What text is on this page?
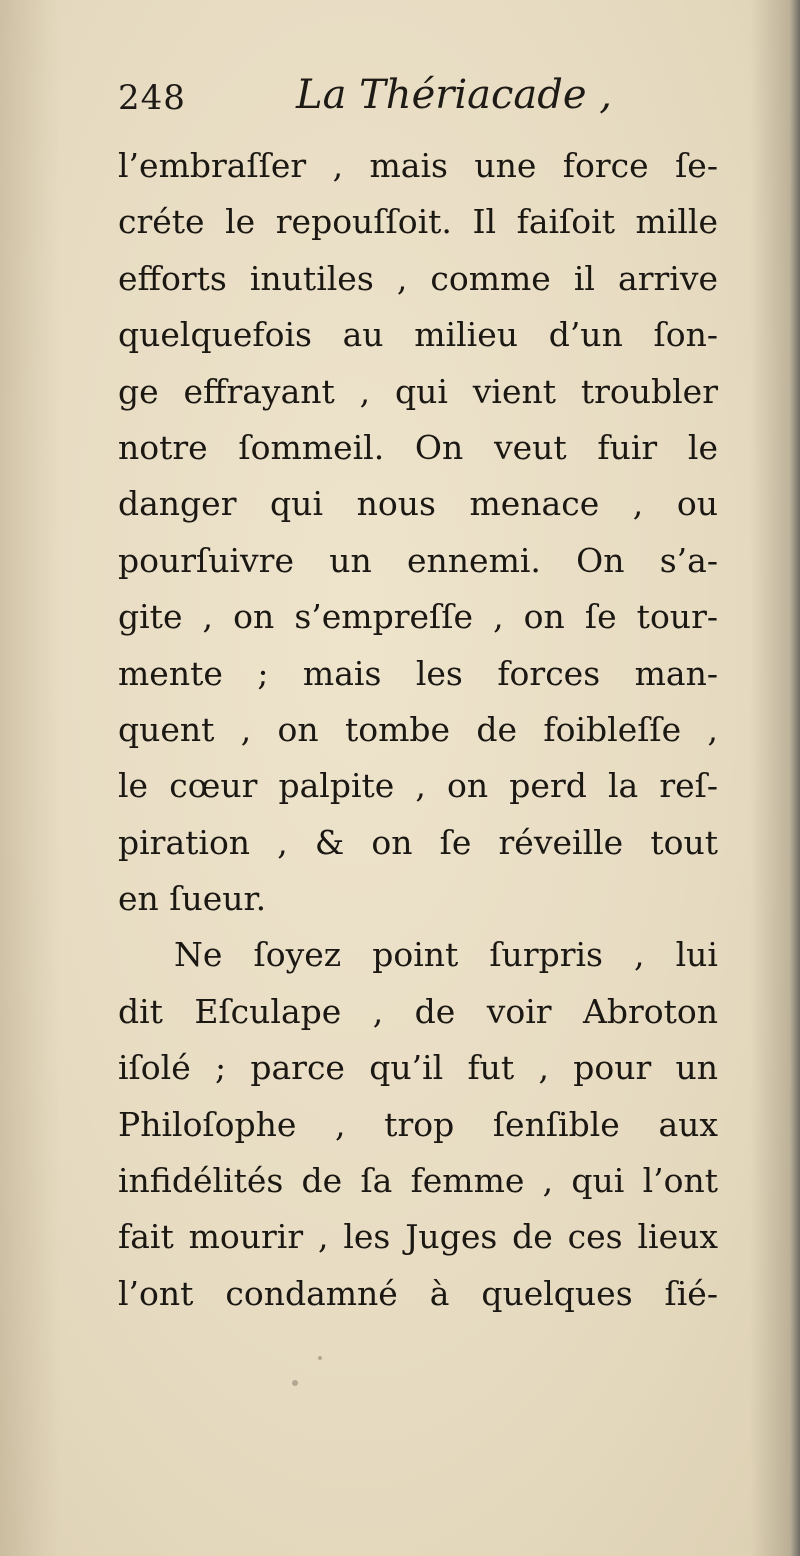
248	La Thériacade ,
l’embraſſer , mais une force ſe-
créte le repouſſoit. Il faiſoit mille
efforts inutiles , comme il arrive
quelquefois au milieu d’un ſon-
ge effrayant , qui vient troubler
notre ſommeil. On veut fuir le
danger qui nous menace , ou
pourſuivre un ennemi. On s’a-
gite , on s’empreſſe , on ſe tour-
mente ; mais les forces man-
quent , on tombe de foibleſſe ,
le cœur palpite , on perd la reſ-
piration , & on ſe réveille tout
en ſueur.
Ne ſoyez point ſurpris , lui
dit Eſculape , de voir Abroton
iſolé ; parce qu’il fut , pour un
Philoſophe , trop ſenſible aux
infidélités de ſa femme , qui l’ont
fait mourir , les Juges de ces lieux
l’ont condamné à quelques ſié-
